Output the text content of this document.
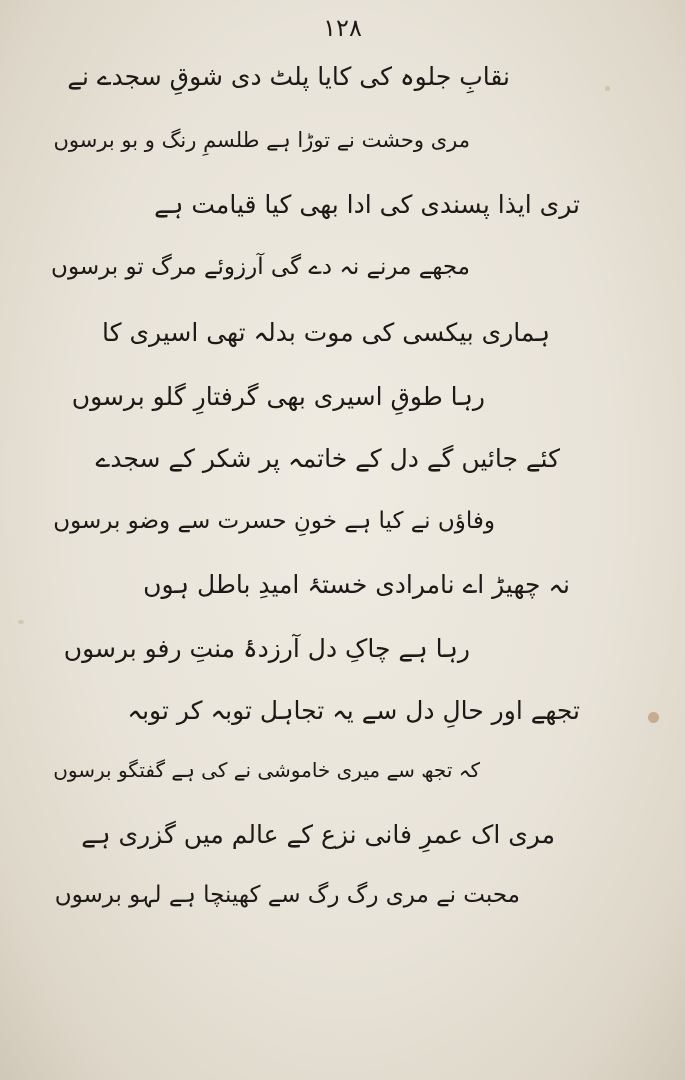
۱۲۸
نقابِ جلوہ کی کایا پلٹ دی شوقِ سجدے نے
مری وحشت نے توڑا ہے طلسمِ رنگ و بو برسوں
تری ایذا پسندی کی ادا بھی کیا قیامت ہے
مجھے مرنے نہ دے گی آرزوئے مرگ تو برسوں
ہماری بیکسی کی موت بدلہ تھی اسیری کا
رہا طوقِ اسیری بھی گرفتارِ گلو برسوں
کئے جائیں گے دل کے خاتمہ پر شکر کے سجدے
وفاؤں نے کیا ہے خونِ حسرت سے وضو برسوں
نہ چھیڑ اے نامرادی خستۂ امیدِ باطل ہوں
رہا ہے چاکِ دل آرزدۂ منتِ رفو برسوں
تجھے اور حالِ دل سے یہ تجاہل توبہ کر توبہ
کہ تجھ سے میری خاموشی نے کی ہے گفتگو برسوں
مری اک عمرِ فانی نزع کے عالم میں گزری ہے
محبت نے مری رگ رگ سے کھینچا ہے لہو برسوں
